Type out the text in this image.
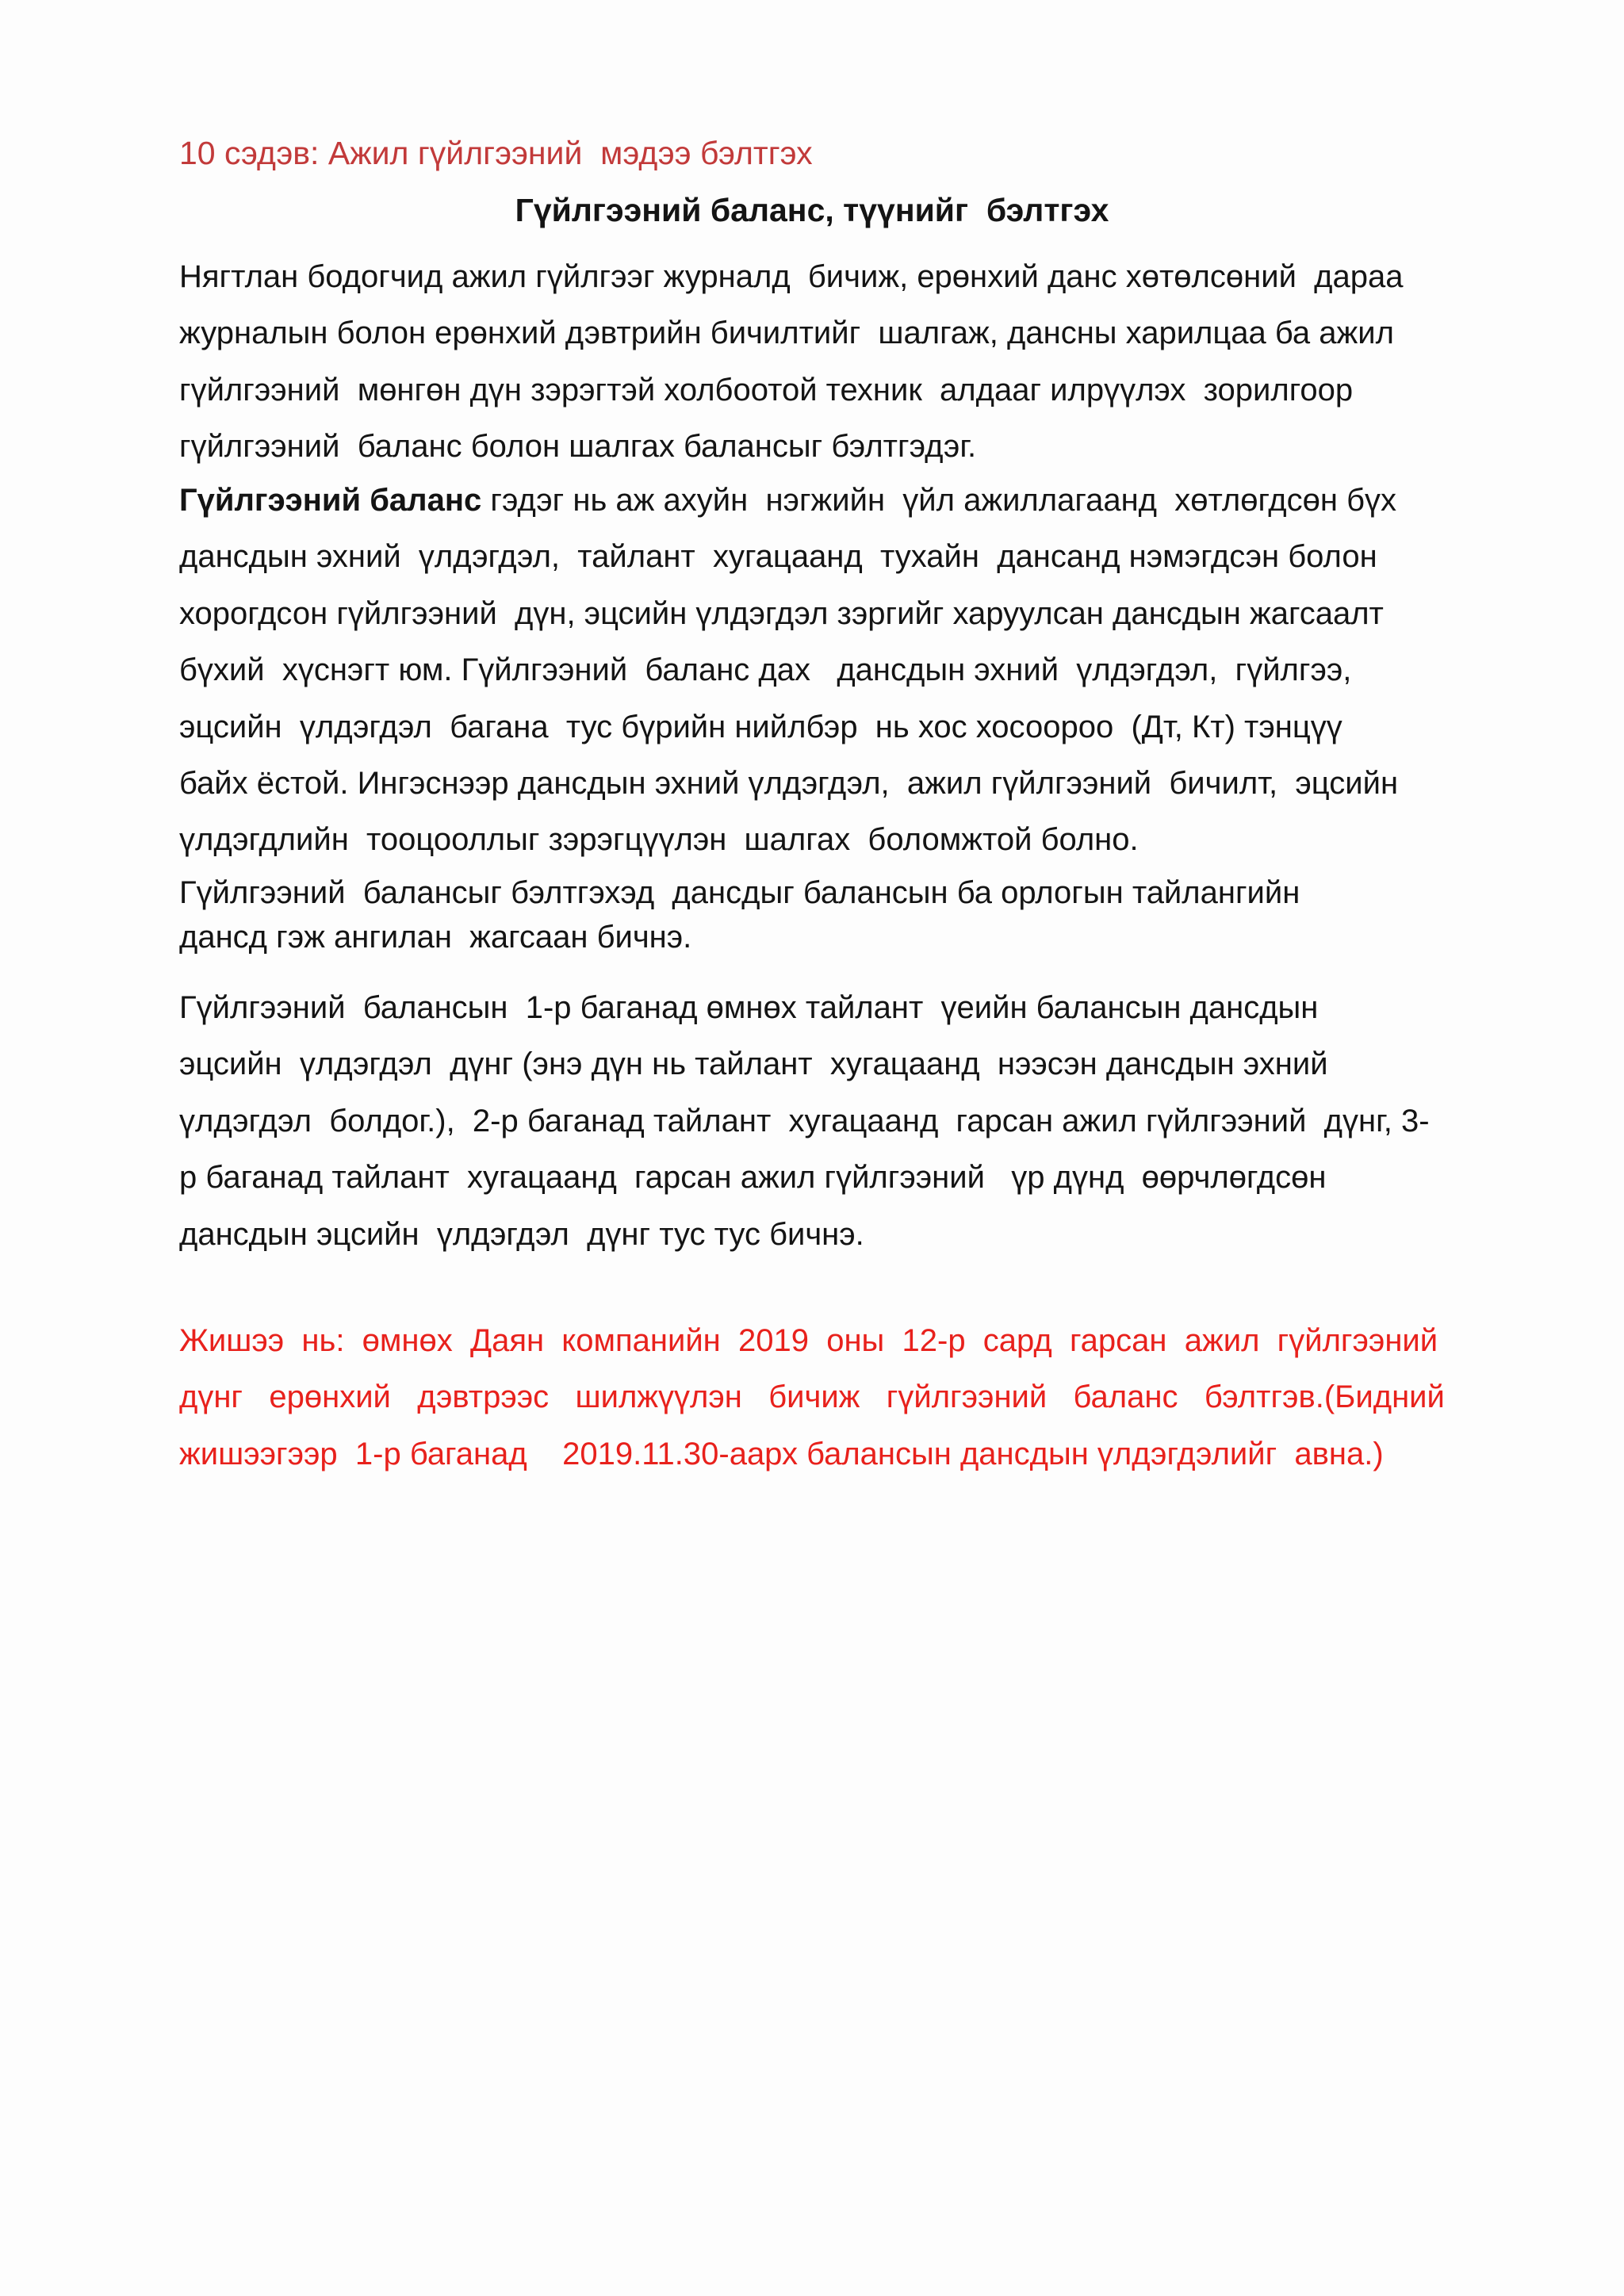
10 сэдэв: Ажил гүйлгээний  мэдээ бэлтгэх
Гүйлгээний баланс, түүнийг  бэлтгэх
Нягтлан бодогчид ажил гүйлгээг журналд  бичиж, ерөнхий данс хөтөлсөний  дараа
журналын болон ерөнхий дэвтрийн бичилтийг  шалгаж, дансны харилцаа ба ажил
гүйлгээний  мөнгөн дүн зэрэгтэй холбоотой техник  алдааг илрүүлэх  зорилгоор
гүйлгээний  баланс болон шалгах балансыг бэлтгэдэг.
Гүйлгээний баланс гэдэг нь аж ахуйн  нэгжийн  үйл ажиллагаанд  хөтлөгдсөн бүх
дансдын эхний  үлдэгдэл,  тайлант  хугацаанд  тухайн  дансанд нэмэгдсэн болон
хорогдсон гүйлгээний  дүн, эцсийн үлдэгдэл зэргийг харуулсан дансдын жагсаалт
бүхий  хүснэгт юм. Гүйлгээний  баланс дах   дансдын эхний  үлдэгдэл,  гүйлгээ,
эцсийн  үлдэгдэл  багана  тус бүрийн нийлбэр  нь хос хосоороо  (Дт, Кт) тэнцүү
байх ёстой. Ингэснээр дансдын эхний үлдэгдэл,  ажил гүйлгээний  бичилт,  эцсийн
үлдэгдлийн  тооцооллыг зэрэгцүүлэн  шалгах  боломжтой болно.
Гүйлгээний  балансыг бэлтгэхэд  дансдыг балансын ба орлогын тайлангийн
данcд гэж ангилан  жагсаан бичнэ.
Гүйлгээний  балансын  1-р баганад өмнөх тайлант  үеийн балансын дансдын
эцсийн  үлдэгдэл  дүнг (энэ дүн нь тайлант  хугацаанд  нээсэн дансдын эхний
үлдэгдэл  болдог.),  2-р баганад тайлант  хугацаанд  гарсан ажил гүйлгээний  дүнг, 3-
р баганад тайлант  хугацаанд  гарсан ажил гүйлгээний   үр дүнд  өөрчлөгдсөн
дансдын эцсийн  үлдэгдэл  дүнг тус тус бичнэ.
Жишээ  нь:  өмнөх  Даян  компанийн  2019  оны  12-р  сард  гарсан  ажил  гүйлгээний
дүнг   ерөнхий   дэвтрээс   шилжүүлэн   бичиж   гүйлгээний   баланс   бэлтгэв.(Бидний
жишээгээр  1-р баганад    2019.11.30-аарх балансын дансдын үлдэгдэлийг  авна.)
